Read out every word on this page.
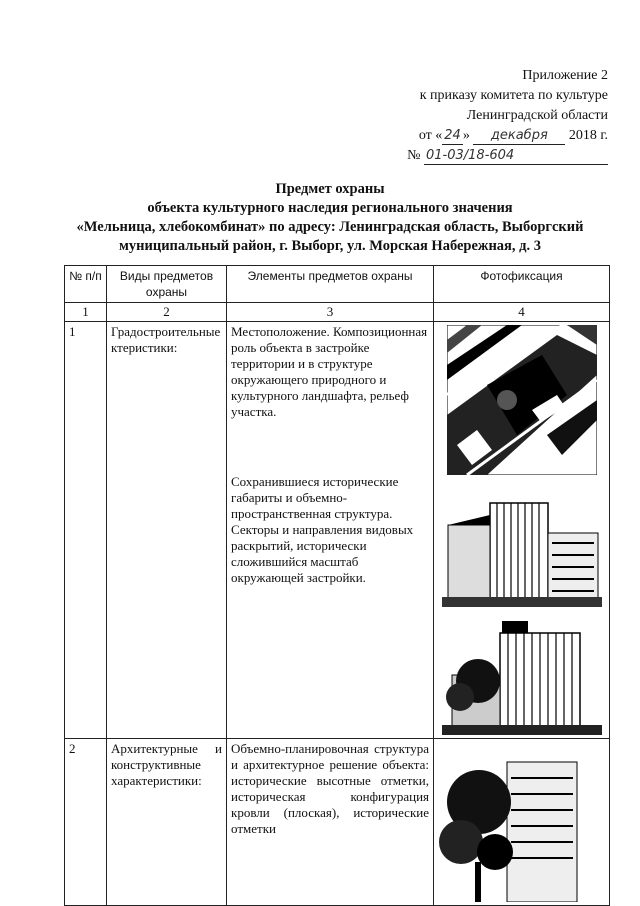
Приложение 2
к приказу комитета по культуре
Ленинградской области
от « 24 » декабря 2018 г.
№ 01-03/18-604
Предмет охраны
объекта культурного наследия регионального значения
«Мельница, хлебокомбинат» по адресу: Ленинградская область, Выборгский
муниципальный район, г. Выборг, ул. Морская Набережная, д. 3
№ п/п	Виды предметов охраны	Элементы предметов охраны	Фотофиксация
1	2	3	4
1	Градостроительные ктеристики:	Местоположение. Композиционная роль объекта в застройке территории и в структуре окружающего природного и культурного ландшафта, рельеф участка.
Сохранившиеся исторические габариты и объемно-пространственная структура. Секторы и направления видовых раскрытий, исторически сложившийся масштаб окружающей застройки.

2	Архитектурные и конструктивные характеристики:	Объемно-планировочная структура и архитектурное решение объекта: исторические высотные отметки, историческая конфигурация кровли (плоская), исторические отметки	
